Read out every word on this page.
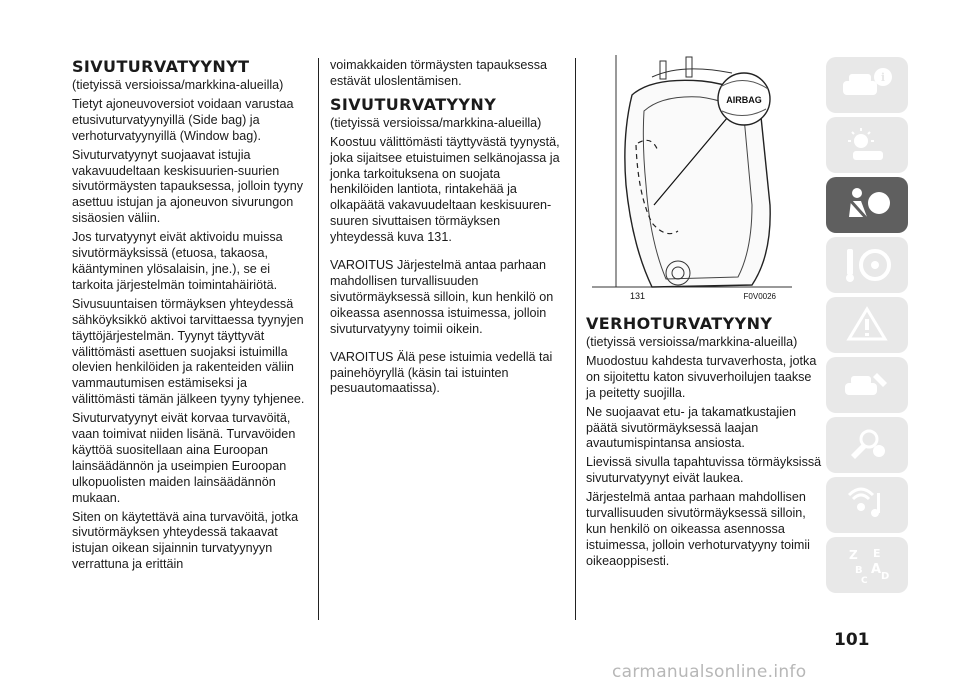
SIVUTURVATYYNYT

(tietyissä versioissa/markkina-alueilla)

Tietyt ajoneuvoversiot voidaan varustaa etusivuturvatyynyillä (Side bag) ja verhoturvatyynyillä (Window bag).

Sivuturvatyynyt suojaavat istujia vakavuudeltaan keskisuurien-suurien sivutörmäysten tapauksessa, jolloin tyyny asettuu istujan ja ajoneuvon sivurungon sisäosien väliin.

Jos turvatyynyt eivät aktivoidu muissa sivutörmäyksissä (etuosa, takaosa, kääntyminen ylösalaisin, jne.), se ei tarkoita järjestelmän toimintahäiriötä.

Sivusuuntaisen törmäyksen yhteydessä sähköyksikkö aktivoi tarvittaessa tyynyjen täyttöjärjestelmän. Tyynyt täyttyvät välittömästi asettuen suojaksi istuimilla olevien henkilöiden ja rakenteiden väliin vammautumisen estämiseksi ja välittömästi tämän jälkeen tyyny tyhjenee.

Sivuturvatyynyt eivät korvaa turvavöitä, vaan toimivat niiden lisänä. Turvavöiden käyttöä suositellaan aina Euroopan lainsäädännön ja useimpien Euroopan ulkopuolisten maiden lainsäädännön mukaan.

Siten on käytettävä aina turvavöitä, jotka sivutörmäyksen yhteydessä takaavat istujan oikean sijainnin turvatyynyyn verrattuna ja erittäin

voimakkaiden törmäysten tapauksessa estävät uloslentämisen.

SIVUTURVATYYNY

(tietyissä versioissa/markkina-alueilla)

Koostuu välittömästi täyttyvästä tyynystä, joka sijaitsee etuistuimen selkänojassa ja jonka tarkoituksena on suojata henkilöiden lantiota, rintakehää ja olkapäätä vakavuudeltaan keskisuuren-suuren sivuttaisen törmäyksen yhteydessä kuva 131.

VAROITUS Järjestelmä antaa parhaan mahdollisen turvallisuuden sivutörmäyksessä silloin, kun henkilö on oikeassa asennossa istuimessa, jolloin sivuturvatyyny toimii oikein.

VAROITUS Älä pese istuimia vedellä tai painehöyryllä (käsin tai istuinten pesuautomaatissa).

AIRBAG
131	F0V0026
VERHOTURVATYYNY

(tietyissä versioissa/markkina-alueilla)

Muodostuu kahdesta turvaverhosta, jotka on sijoitettu katon sivuverhoilujen taakse ja peitetty suojilla.

Ne suojaavat etu- ja takamatkustajien päätä sivutörmäyksessä laajan avautumispintansa ansiosta.

Lievissä sivulla tapahtuvissa törmäyksissä sivuturvatyynyt eivät laukea.

Järjestelmä antaa parhaan mahdollisen turvallisuuden sivutörmäyksessä silloin, kun henkilö on oikeassa asennossa istuimessa, jolloin verhoturvatyyny toimii oikeaoppisesti.

i
Z E
B A
C D
101
carmanualsonline.info
